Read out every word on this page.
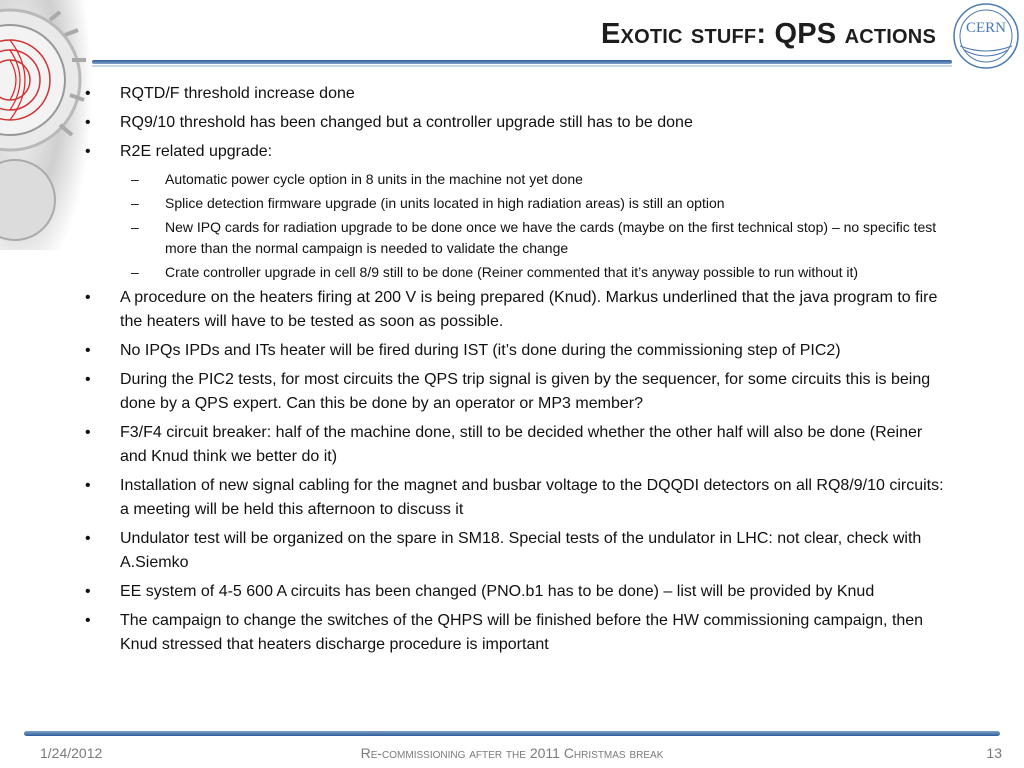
CERN
Exotic stuff: QPS actions
• RQTD/F threshold increase done
• RQ9/10 threshold has been changed but a controller upgrade still has to be done
• R2E related upgrade:
– Automatic power cycle option in 8 units in the machine not yet done
– Splice detection firmware upgrade (in units located in high radiation areas) is still an option
– New IPQ cards for radiation upgrade to be done once we have the cards (maybe on the first technical stop) – no specific test more than the normal campaign is needed to validate the change
– Crate controller upgrade in cell 8/9 still to be done (Reiner commented that it’s anyway possible to run without it)
• A procedure on the heaters firing at 200 V is being prepared (Knud). Markus underlined that the java program to fire the heaters will have to be tested as soon as possible.
• No IPQs IPDs and ITs heater will be fired during IST (it’s done during the commissioning step of PIC2)
• During the PIC2 tests, for most circuits the QPS trip signal is given by the sequencer, for some circuits this is being done by a QPS expert. Can this be done by an operator or MP3 member?
• F3/F4 circuit breaker: half of the machine done, still to be decided whether the other half will also be done (Reiner and Knud think we better do it)
• Installation of new signal cabling for the magnet and busbar voltage to the DQQDI detectors on all RQ8/9/10 circuits: a meeting will be held this afternoon to discuss it
• Undulator test will be organized on the spare in SM18. Special tests of the undulator in LHC: not clear, check with A.Siemko
• EE system of 4-5 600 A circuits has been changed (PNO.b1 has to be done) – list will be provided by Knud
• The campaign to change the switches of the QHPS will be finished before the HW commissioning campaign, then Knud stressed that heaters discharge procedure is important
1/24/2012	Re-commissioning after the 2011 Christmas break	13
